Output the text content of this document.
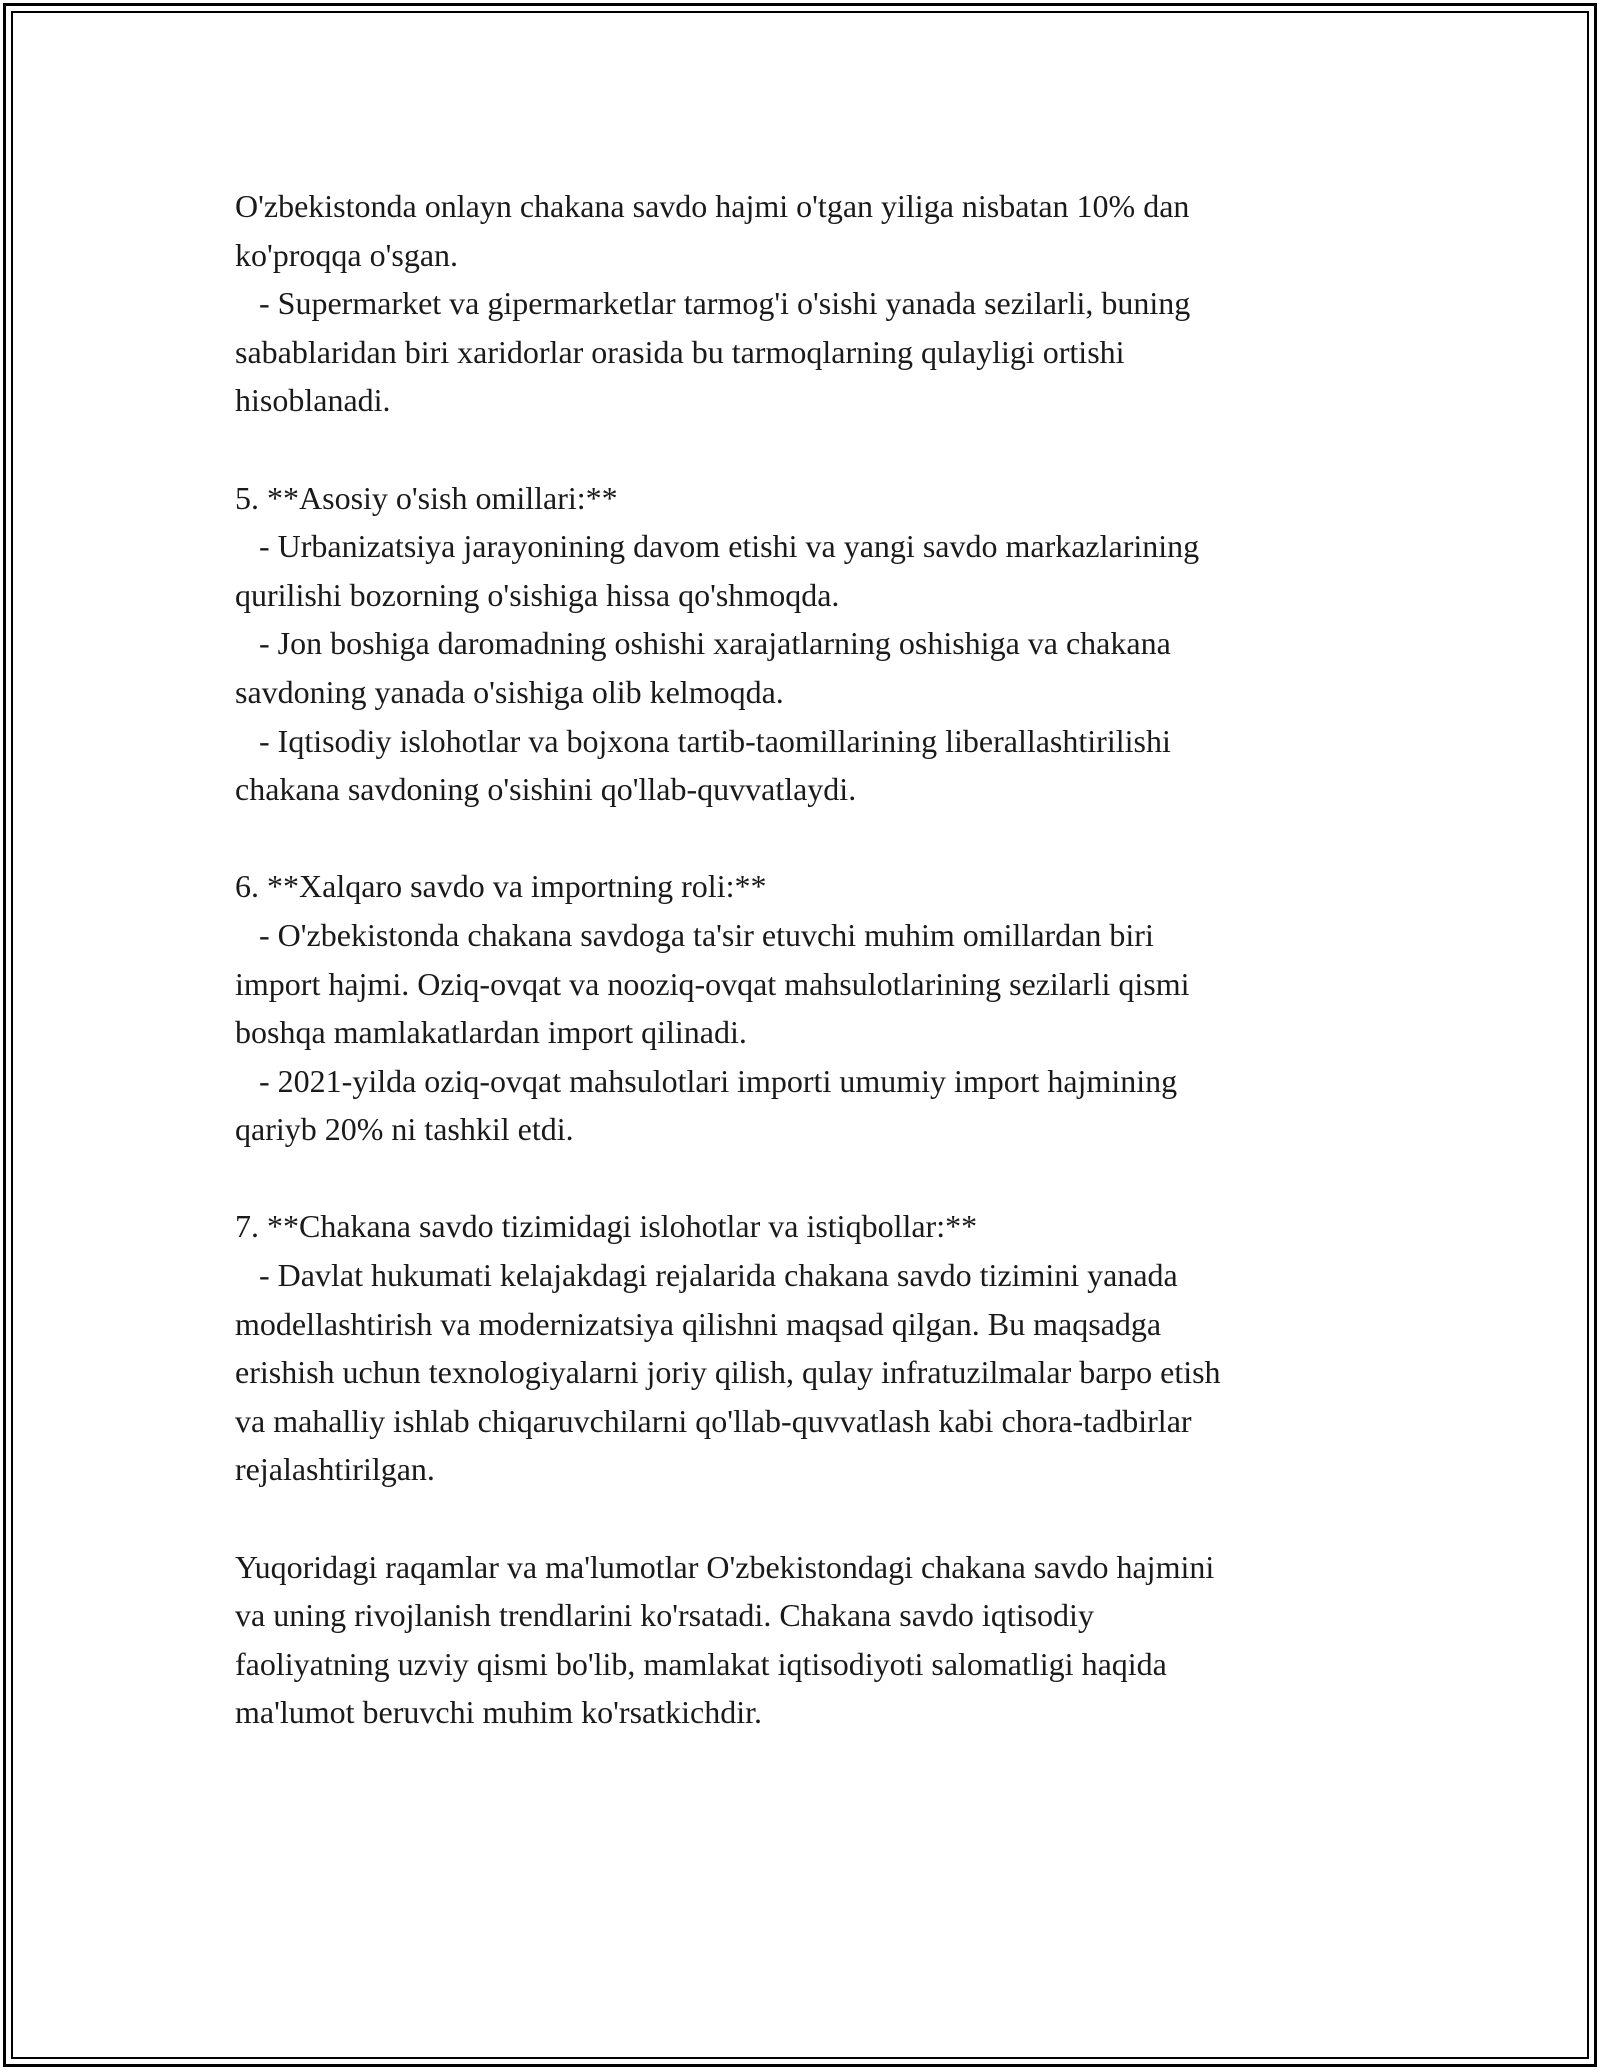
O'zbekistonda onlayn chakana savdo hajmi o'tgan yiliga nisbatan 10% dan
ko'proqqa o'sgan.
- Supermarket va gipermarketlar tarmog'i o'sishi yanada sezilarli, buning
sabablaridan biri xaridorlar orasida bu tarmoqlarning qulayligi ortishi
hisoblanadi.
5. **Asosiy o'sish omillari:**
- Urbanizatsiya jarayonining davom etishi va yangi savdo markazlarining
qurilishi bozorning o'sishiga hissa qo'shmoqda.
- Jon boshiga daromadning oshishi xarajatlarning oshishiga va chakana
savdoning yanada o'sishiga olib kelmoqda.
- Iqtisodiy islohotlar va bojxona tartib-taomillarining liberallashtirilishi
chakana savdoning o'sishini qo'llab-quvvatlaydi.
6. **Xalqaro savdo va importning roli:**
- O'zbekistonda chakana savdoga ta'sir etuvchi muhim omillardan biri
import hajmi. Oziq-ovqat va nooziq-ovqat mahsulotlarining sezilarli qismi
boshqa mamlakatlardan import qilinadi.
- 2021-yilda oziq-ovqat mahsulotlari importi umumiy import hajmining
qariyb 20% ni tashkil etdi.
7. **Chakana savdo tizimidagi islohotlar va istiqbollar:**
- Davlat hukumati kelajakdagi rejalarida chakana savdo tizimini yanada
modellashtirish va modernizatsiya qilishni maqsad qilgan. Bu maqsadga
erishish uchun texnologiyalarni joriy qilish, qulay infratuzilmalar barpo etish
va mahalliy ishlab chiqaruvchilarni qo'llab-quvvatlash kabi chora-tadbirlar
rejalashtirilgan.
Yuqoridagi raqamlar va ma'lumotlar O'zbekistondagi chakana savdo hajmini
va uning rivojlanish trendlarini ko'rsatadi. Chakana savdo iqtisodiy
faoliyatning uzviy qismi bo'lib, mamlakat iqtisodiyoti salomatligi haqida
ma'lumot beruvchi muhim ko'rsatkichdir.
